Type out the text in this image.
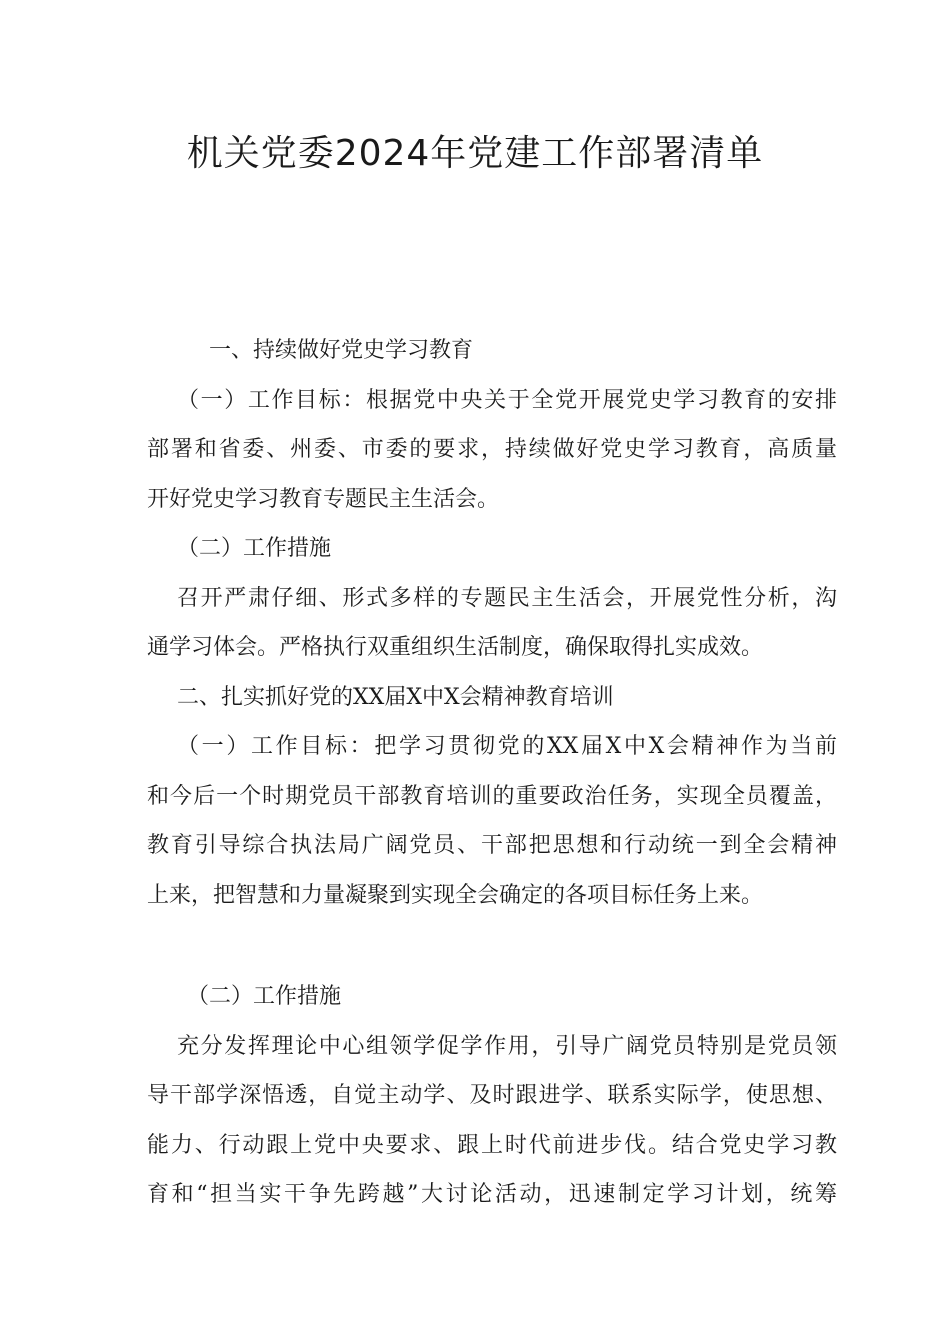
机关党委2024年党建工作部署清单
一、持续做好党史学习教育
（一）工作目标：根据党中央关于全党开展党史学习教育的安排
部署和省委、州委、市委的要求，持续做好党史学习教育，高质量
开好党史学习教育专题民主生活会。
（二）工作措施
召开严肃仔细、形式多样的专题民主生活会，开展党性分析，沟
通学习体会。严格执行双重组织生活制度，确保取得扎实成效。
二、扎实抓好党的XX届X中X会精神教育培训
（一）工作目标：把学习贯彻党的XX届X中X会精神作为当前
和今后一个时期党员干部教育培训的重要政治任务，实现全员覆盖，
教育引导综合执法局广阔党员、干部把思想和行动统一到全会精神
上来，把智慧和力量凝聚到实现全会确定的各项目标任务上来。
（二）工作措施
充分发挥理论中心组领学促学作用，引导广阔党员特别是党员领
导干部学深悟透，自觉主动学、及时跟进学、联系实际学，使思想、
能力、行动跟上党中央要求、跟上时代前进步伐。结合党史学习教
育和“担当实干争先跨越”大讨论活动，迅速制定学习计划，统筹
